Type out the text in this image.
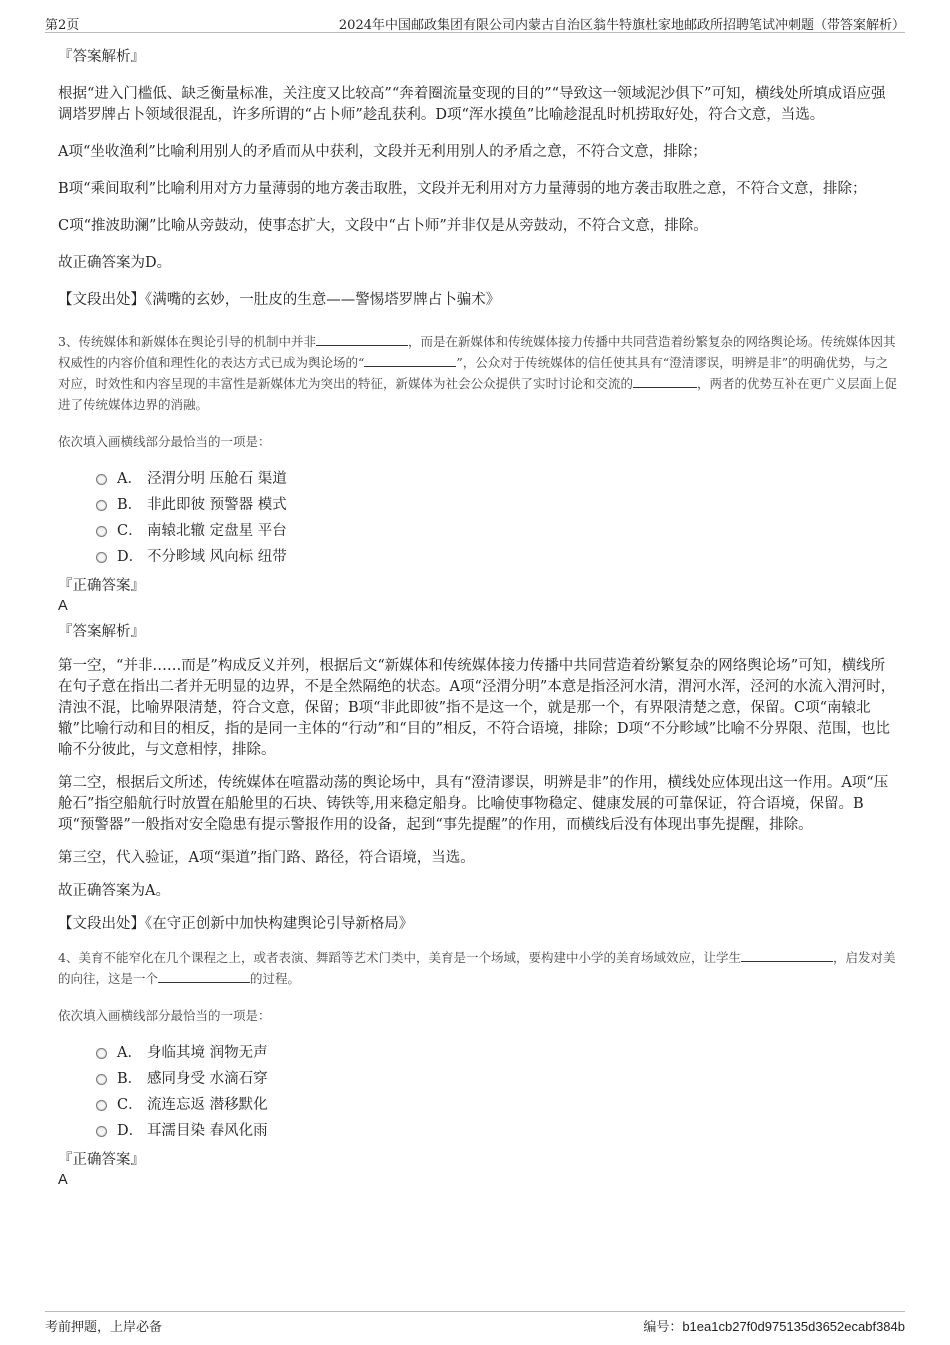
第2页	2024年中国邮政集团有限公司内蒙古自治区翁牛特旗杜家地邮政所招聘笔试冲刺题（带答案解析）

『答案解析』

根据“进入门槛低、缺乏衡量标准，关注度又比较高”“奔着圈流量变现的目的”“导致这一领域泥沙俱下”可知，横线处所填成语应强调塔罗牌占卜领域很混乱，许多所谓的“占卜师”趁乱获利。D项“浑水摸鱼”比喻趁混乱时机捞取好处，符合文意，当选。

A项“坐收渔利”比喻利用别人的矛盾而从中获利，文段并无利用别人的矛盾之意，不符合文意，排除；

B项“乘间取利”比喻利用对方力量薄弱的地方袭击取胜，文段并无利用对方力量薄弱的地方袭击取胜之意，不符合文意，排除；

C项“推波助澜”比喻从旁鼓动，使事态扩大，文段中“占卜师”并非仅是从旁鼓动，不符合文意，排除。

故正确答案为D。

【文段出处】《满嘴的玄妙，一肚皮的生意——警惕塔罗牌占卜骗术》

3、传统媒体和新媒体在舆论引导的机制中并非	，而是在新媒体和传统媒体接力传播中共同营造着纷繁复杂的网络舆论场。传统媒体因其权威性的内容价值和理性化的表达方式已成为舆论场的“	”，公众对于传统媒体的信任使其具有“澄清谬误，明辨是非”的明确优势，与之对应，时效性和内容呈现的丰富性是新媒体尤为突出的特征，新媒体为社会公众提供了实时讨论和交流的	，两者的优势互补在更广义层面上促进了传统媒体边界的消融。

依次填入画横线部分最恰当的一项是：

A． 泾渭分明 压舱石 渠道
B． 非此即彼 预警器 模式
C． 南辕北辙 定盘星 平台
D． 不分畛域 风向标 纽带

『正确答案』

A

『答案解析』

第一空，“并非……而是”构成反义并列，根据后文“新媒体和传统媒体接力传播中共同营造着纷繁复杂的网络舆论场”可知，横线所在句子意在指出二者并无明显的边界，不是全然隔绝的状态。A项“泾渭分明”本意是指泾河水清，渭河水浑，泾河的水流入渭河时，清浊不混，比喻界限清楚，符合文意，保留；B项“非此即彼”指不是这一个，就是那一个，有界限清楚之意，保留。C项“南辕北辙”比喻行动和目的相反，指的是同一主体的“行动”和“目的”相反，不符合语境，排除；D项“不分畛域”比喻不分界限、范围，也比喻不分彼此，与文意相悖，排除。

第二空，根据后文所述，传统媒体在喧嚣动荡的舆论场中，具有“澄清谬误，明辨是非”的作用，横线处应体现出这一作用。A项“压舱石”指空船航行时放置在船舱里的石块、铸铁等,用来稳定船身。比喻使事物稳定、健康发展的可靠保证，符合语境，保留。B项“预警器”一般指对安全隐患有提示警报作用的设备，起到“事先提醒”的作用，而横线后没有体现出事先提醒，排除。

第三空，代入验证，A项“渠道”指门路、路径，符合语境，当选。

故正确答案为A。

【文段出处】《在守正创新中加快构建舆论引导新格局》

4、美育不能窄化在几个课程之上，或者表演、舞蹈等艺术门类中，美育是一个场域，要构建中小学的美育场域效应，让学生	，启发对美的向往，这是一个	的过程。

依次填入画横线部分最恰当的一项是：

A． 身临其境 润物无声
B． 感同身受 水滴石穿
C． 流连忘返 潜移默化
D． 耳濡目染 春风化雨

『正确答案』

A

考前押题，上岸必备	编号：b1ea1cb27f0d975135d3652ecabf384b
